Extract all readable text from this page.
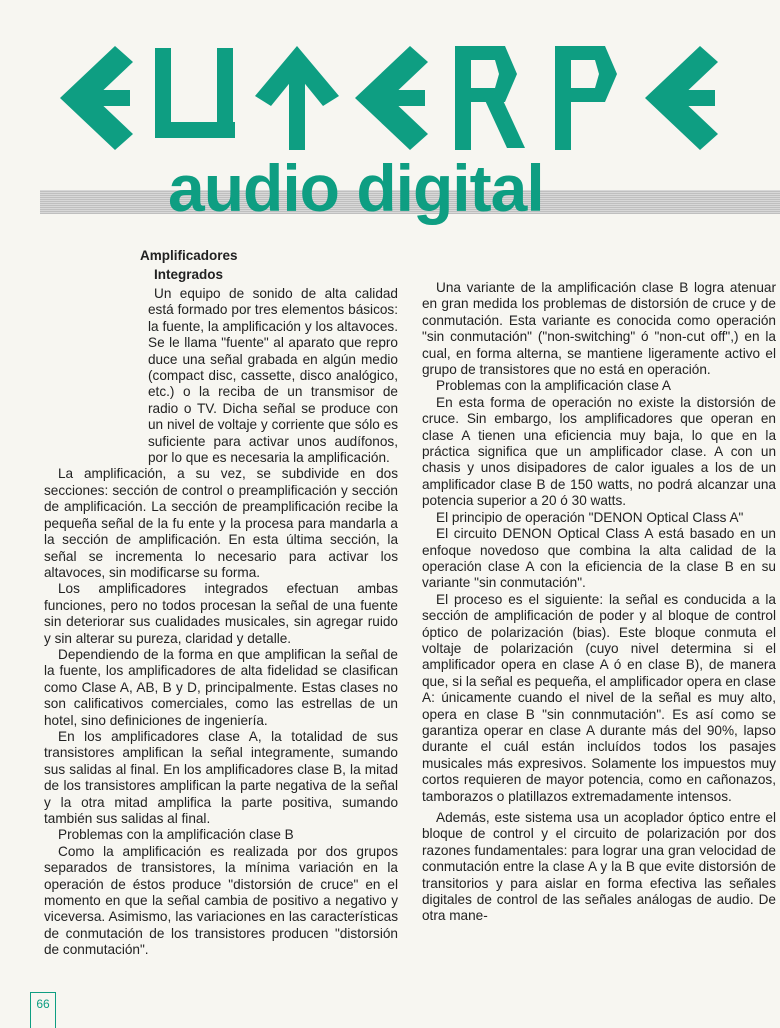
audio digital
Amplificadores
Integrados

Un equipo de sonido de alta calidad está formado por tres elementos básicos: la fuente, la amplificación y los altavoces. Se le llama "fuente" al aparato que repro duce una señal grabada en algún medio (compact disc, cassette, disco analógico, etc.) o la reciba de un transmisor de radio o TV. Dicha señal se produce con un nivel de voltaje y corriente que sólo es suficiente para activar unos audífonos, por lo que es necesaria la amplificación.

La amplificación, a su vez, se subdivide en dos secciones: sección de control o preamplificación y sección de amplificación. La sección de preamplificación recibe la pequeña señal de la fu ente y la procesa para mandarla a la sección de amplificación. En esta última sección, la señal se incrementa lo necesario para activar los altavoces, sin modificarse su forma.

Los amplificadores integrados efectuan ambas funciones, pero no todos procesan la señal de una fuente sin deteriorar sus cualidades musicales, sin agregar ruido y sin alterar su pureza, claridad y detalle.

Dependiendo de la forma en que amplifican la señal de la fuente, los amplificadores de alta fidelidad se clasifican como Clase A, AB, B y D, principalmente. Estas clases no son calificativos comerciales, como las estrellas de un hotel, sino definiciones de ingeniería.

En los amplificadores clase A, la totalidad de sus transistores amplifican la señal integramente, sumando sus salidas al final. En los amplificadores clase B, la mitad de los transistores amplifican la parte negativa de la señal y la otra mitad amplifica la parte positiva, sumando también sus salidas al final.

Problemas con la amplificación clase B

Como la amplificación es realizada por dos grupos separados de transistores, la mínima variación en la operación de éstos produce "distorsión de cruce" en el momento en que la señal cambia de positivo a negativo y viceversa. Asimismo, las variaciones en las características de conmutación de los transistores producen "distorsión de conmutación".

Una variante de la amplificación clase B logra atenuar en gran medida los problemas de distorsión de cruce y de conmutación. Esta variante es conocida como operación "sin conmutación" ("non-switching" ó "non-cut off",) en la cual, en forma alterna, se mantiene ligeramente activo el grupo de transistores que no está en operación.

Problemas con la amplificación clase A

En esta forma de operación no existe la distorsión de cruce. Sin embargo, los amplificadores que operan en clase A tienen una eficiencia muy baja, lo que en la práctica significa que un amplificador clase. A con un chasis y unos disipadores de calor iguales a los de un amplificador clase B de 150 watts, no podrá alcanzar una potencia superior a 20 ó 30 watts.

El principio de operación "DENON Optical Class A"

El circuito DENON Optical Class A está basado en un enfoque novedoso que combina la alta calidad de la operación clase A con la eficiencia de la clase B en su variante "sin conmutación".

El proceso es el siguiente: la señal es conducida a la sección de amplificación de poder y al bloque de control óptico de polarización (bias). Este bloque conmuta el voltaje de polarización (cuyo nivel determina si el amplificador opera en clase A ó en clase B), de manera que, si la señal es pequeña, el amplificador opera en clase A: únicamente cuando el nivel de la señal es muy alto, opera en clase B "sin connmutación". Es así como se garantiza operar en clase A durante más del 90%, lapso durante el cuál están incluídos todos los pasajes musicales más expresivos. Solamente los impuestos muy cortos requieren de mayor potencia, como en cañonazos, tamborazos o platillazos extremadamente intensos.

Además, este sistema usa un acoplador óptico entre el bloque de control y el circuito de polarización por dos razones fundamentales: para lograr una gran velocidad de conmutación entre la clase A y la B que evite distorsión de transitorios y para aislar en forma efectiva las señales digitales de control de las señales análogas de audio. De otra mane-

66
